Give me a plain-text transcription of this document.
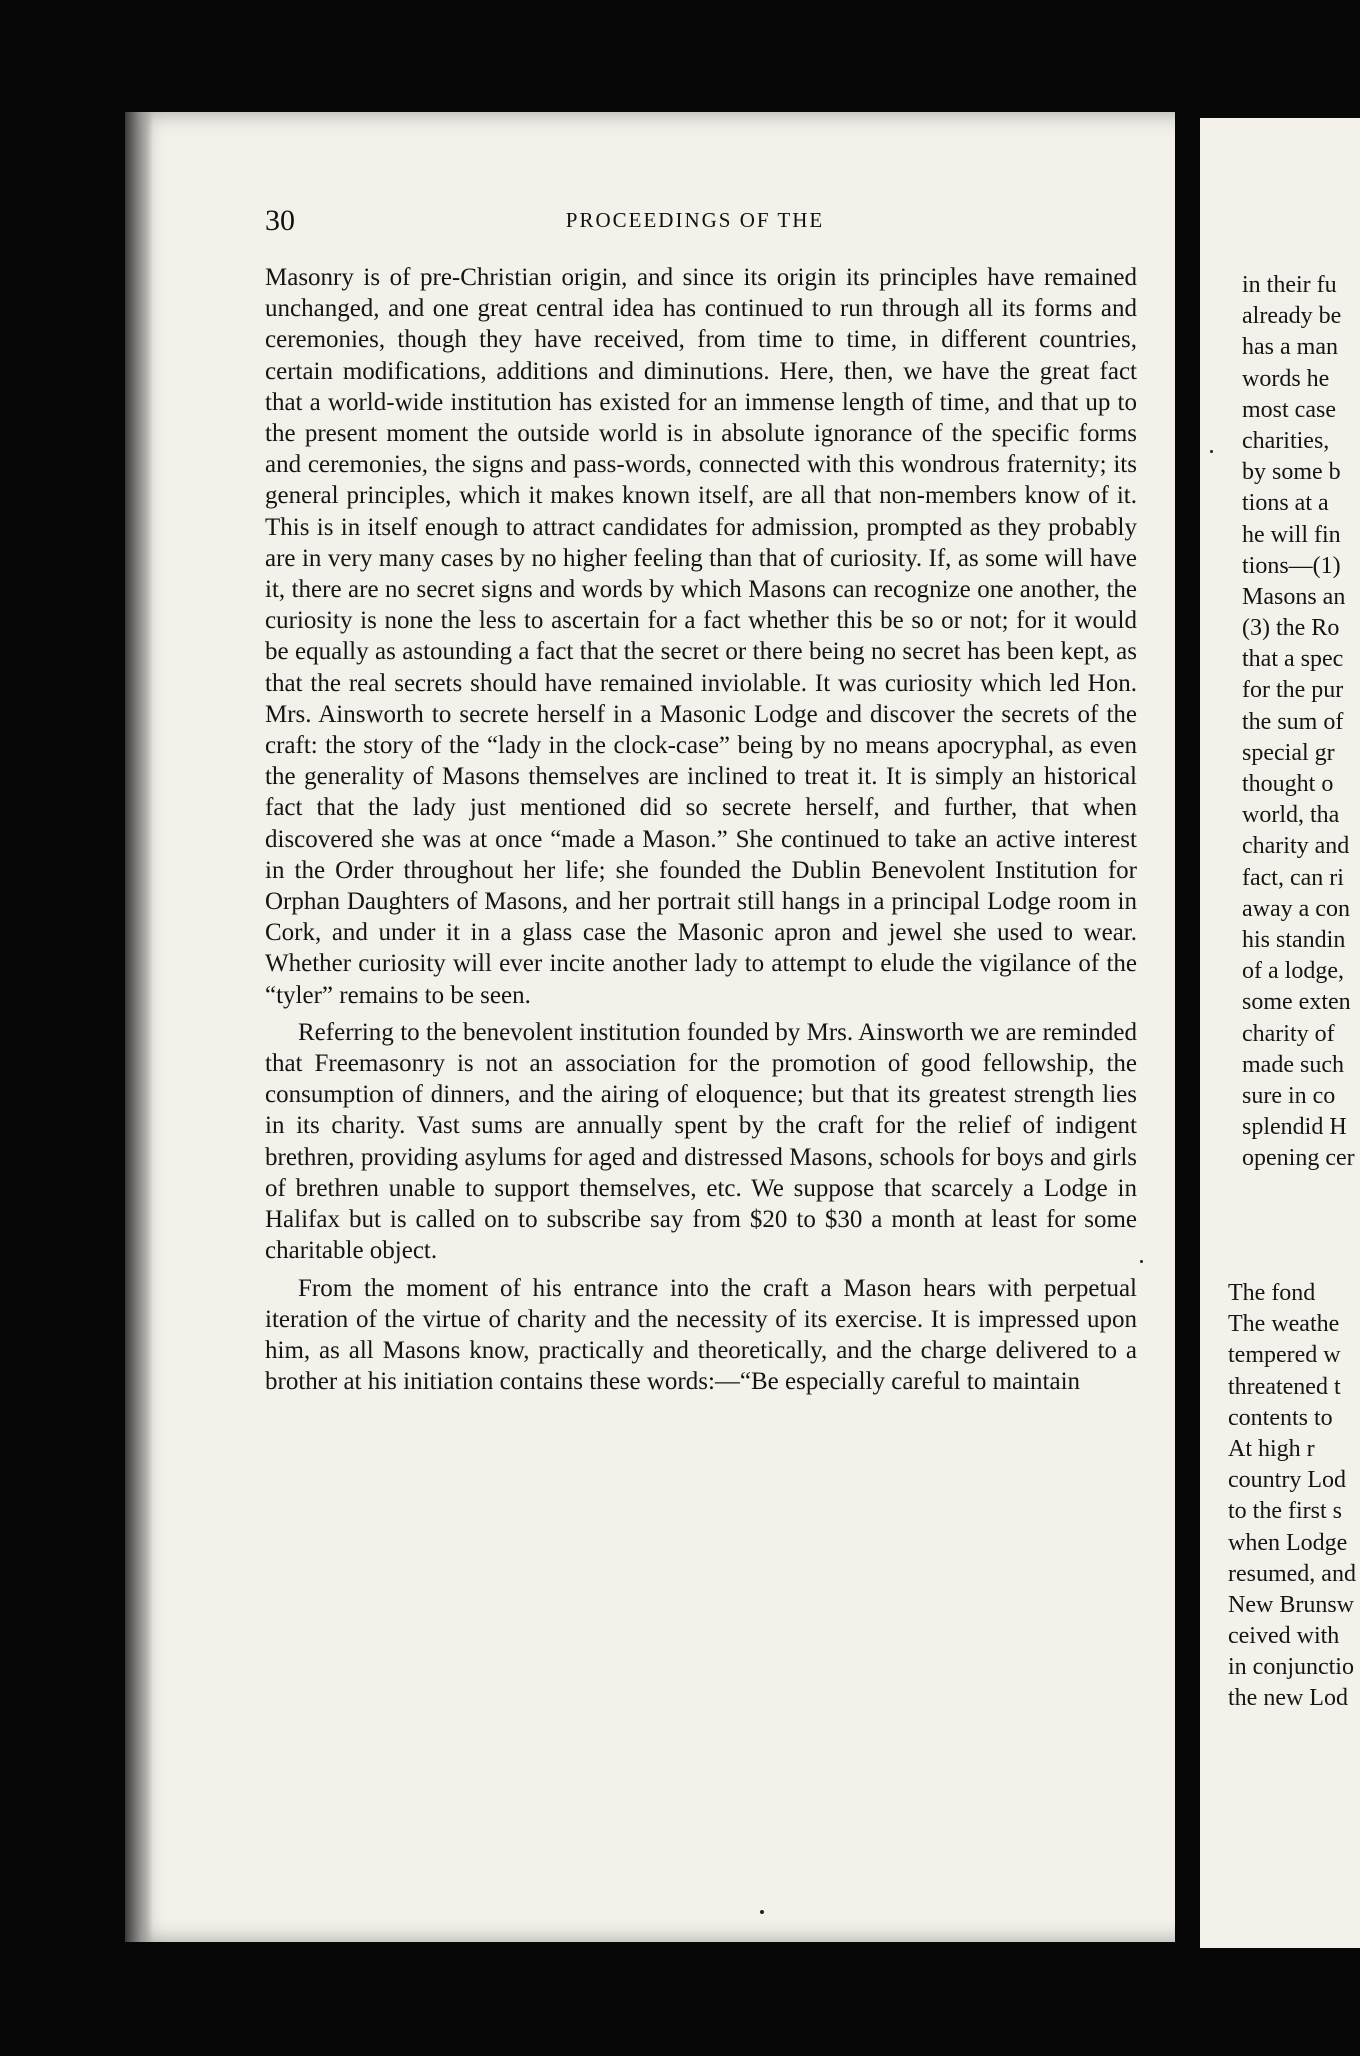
30	PROCEEDINGS OF THE

Masonry is of pre-Christian origin, and since its origin its principles have remained unchanged, and one great central idea has continued to run through all its forms and ceremonies, though they have received, from time to time, in different countries, certain modifications, additions and diminutions. Here, then, we have the great fact that a world-wide institution has existed for an immense length of time, and that up to the present moment the outside world is in absolute ignorance of the specific forms and ceremonies, the signs and pass-words, connected with this wondrous fraternity; its general principles, which it makes known itself, are all that non-members know of it. This is in itself enough to attract candidates for admission, prompted as they probably are in very many cases by no higher feeling than that of curiosity. If, as some will have it, there are no secret signs and words by which Masons can recognize one another, the curiosity is none the less to ascertain for a fact whether this be so or not; for it would be equally as astounding a fact that the secret or there being no secret has been kept, as that the real secrets should have remained inviolable. It was curiosity which led Hon. Mrs. Ainsworth to secrete herself in a Masonic Lodge and discover the secrets of the craft: the story of the “lady in the clock-case” being by no means apocryphal, as even the generality of Masons themselves are inclined to treat it. It is simply an historical fact that the lady just mentioned did so secrete herself, and further, that when discovered she was at once “made a Mason.” She continued to take an active interest in the Order throughout her life; she founded the Dublin Benevolent Institution for Orphan Daughters of Masons, and her portrait still hangs in a principal Lodge room in Cork, and under it in a glass case the Masonic apron and jewel she used to wear. Whether curiosity will ever incite another lady to attempt to elude the vigilance of the “tyler” remains to be seen.

Referring to the benevolent institution founded by Mrs. Ainsworth we are reminded that Freemasonry is not an association for the promotion of good fellowship, the consumption of dinners, and the airing of eloquence; but that its greatest strength lies in its charity. Vast sums are annually spent by the craft for the relief of indigent brethren, providing asylums for aged and distressed Masons, schools for boys and girls of brethren unable to support themselves, etc. We suppose that scarcely a Lodge in Halifax but is called on to subscribe say from $20 to $30 a month at least for some charitable object.

From the moment of his entrance into the craft a Mason hears with perpetual iteration of the virtue of charity and the necessity of its exercise. It is impressed upon him, as all Masons know, practically and theoretically, and the charge delivered to a brother at his initiation contains these words:—“Be especially careful to maintain

in their fu
already be
has a man
words he
most case
charities,
by some b
tions at a
he will fin
tions—(1)
Masons an
(3) the Ro
that a spec
for the pur
the sum of
special gr
thought o
world, tha
charity and
fact, can ri
away a con
his standin
of a lodge,
some exten
charity of
made such
sure in co
splendid H
opening cer
The fond
The weathe
tempered w
threatened t
contents to
At high r
country Lod
to the first s
when Lodge
resumed, and
New Brunsw
ceived with
in conjunctio
the new Lod
